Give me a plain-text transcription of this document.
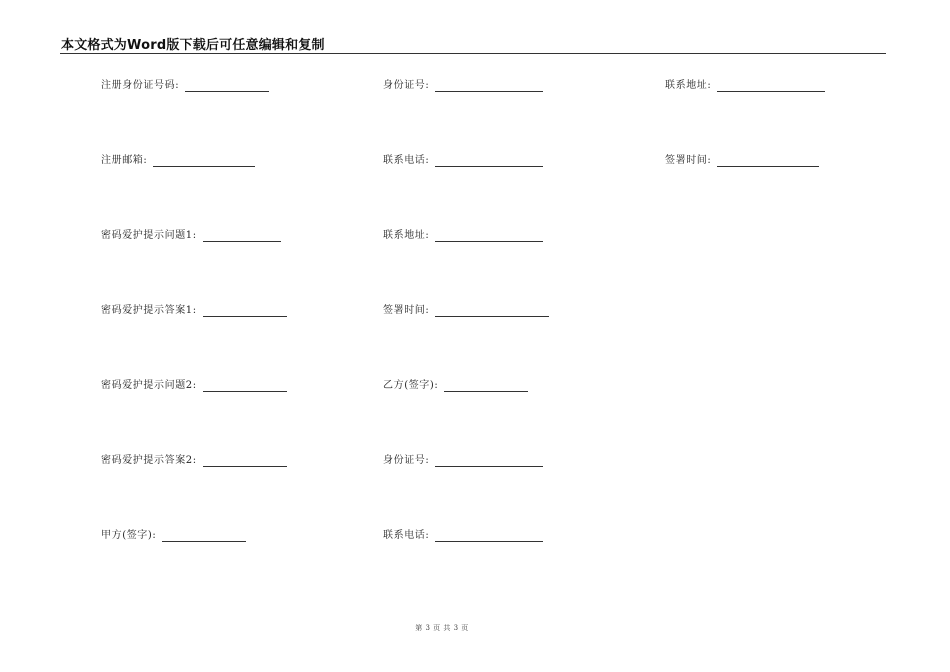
本文格式为Word版下载后可任意编辑和复制
注册身份证号码:	身份证号:	联系地址:
注册邮箱:	联系电话:	签署时间:
密码爱护提示问题1:	联系地址:
密码爱护提示答案1:	签署时间:
密码爱护提示问题2:	乙方(签字):
密码爱护提示答案2:	身份证号:
甲方(签字):	联系电话:
第 3 页 共 3 页
